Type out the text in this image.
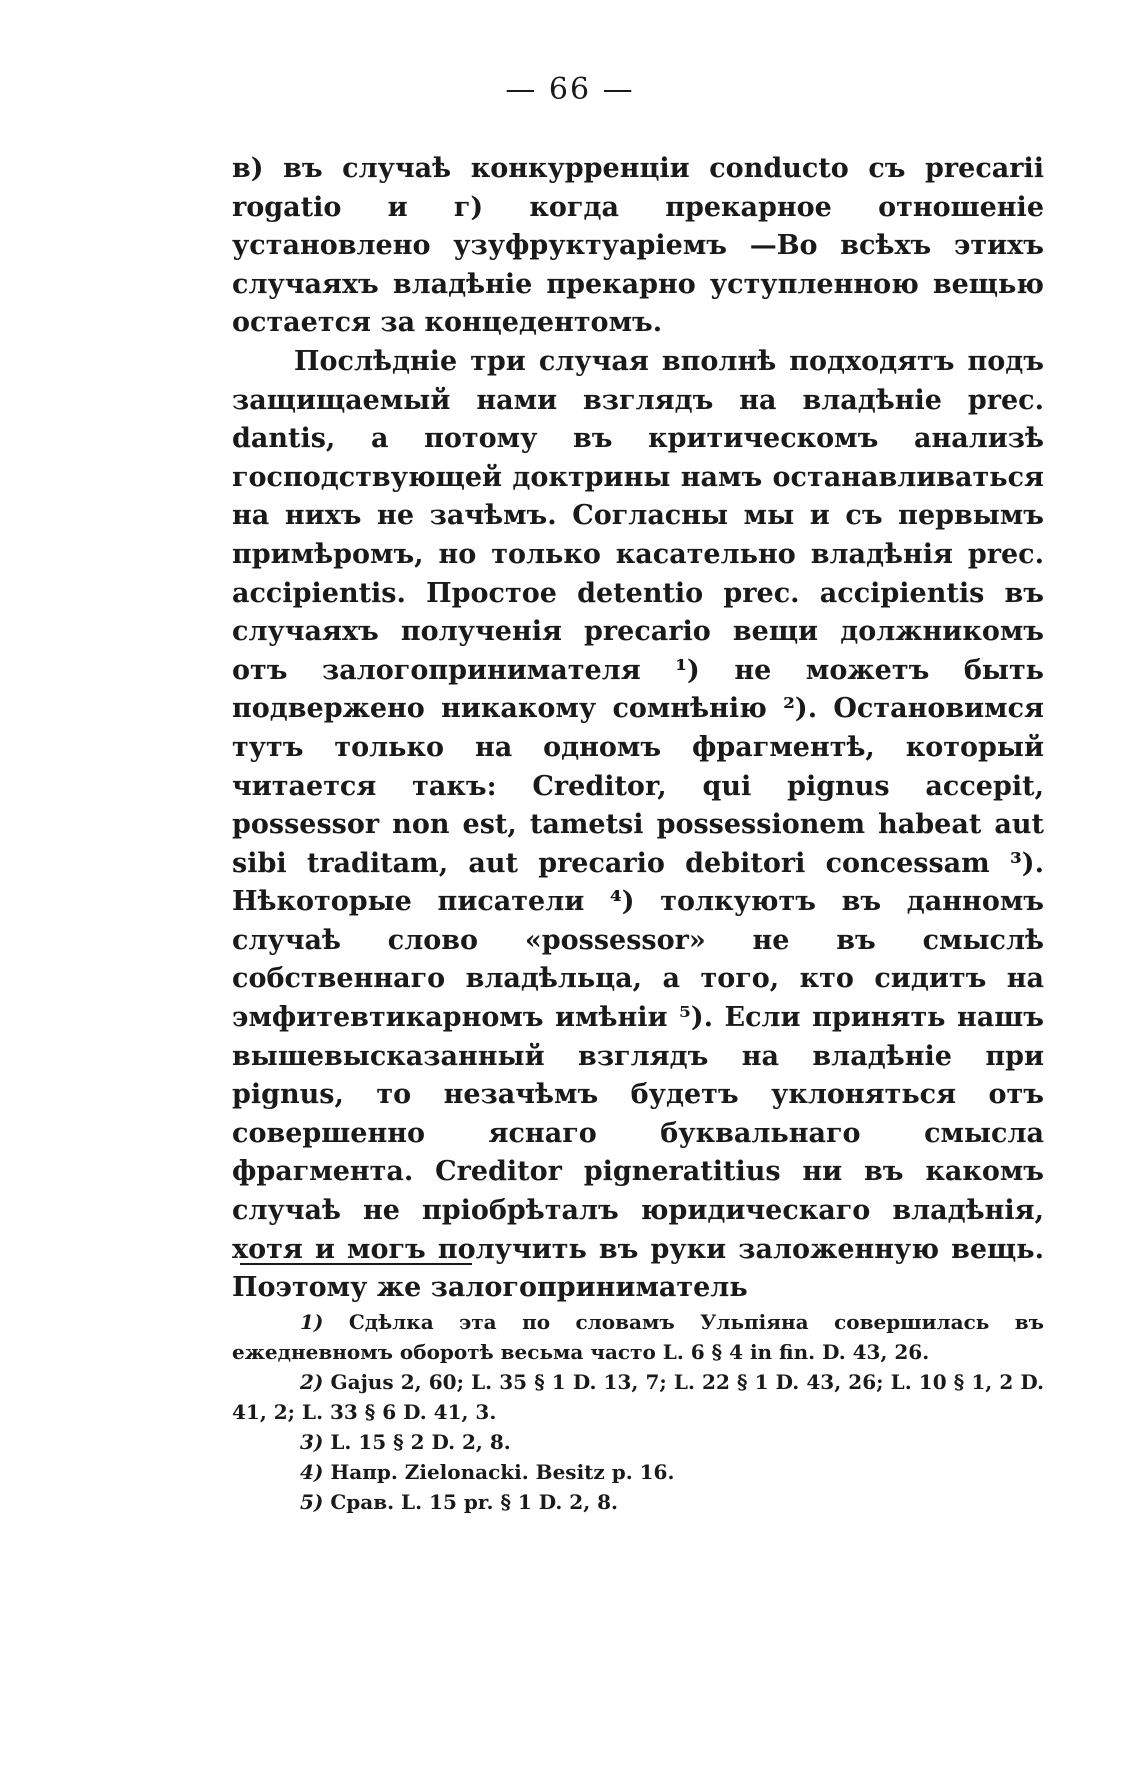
— 66 —

в) въ случаѣ конкурренціи conducto съ precarii rogatio и г) когда прекарное отношеніе установлено узуфруктуаріемъ —Во всѣхъ этихъ случаяхъ владѣніе прекарно уступленною вещью остается за концедентомъ.

Послѣдніе три случая вполнѣ подходятъ подъ защищаемый нами взглядъ на владѣніе prec. dantis, а потому въ критическомъ анализѣ господствующей доктрины намъ останавливаться на нихъ не зачѣмъ. Согласны мы и съ первымъ примѣромъ, но только касательно владѣнія prec. accipientis. Простое detentio prec. accipientis въ случаяхъ полученія precario вещи должникомъ отъ залогопринимателя ¹) не можетъ быть подвержено никакому сомнѣнію ²). Остановимся тутъ только на одномъ фрагментѣ, который читается такъ: Creditor, qui pignus accepit, possessor non est, tametsi possessionem habeat aut sibi traditam, aut precario debitori concessam ³). Нѣкоторые писатели ⁴) толкуютъ въ данномъ случаѣ слово «possessor» не въ смыслѣ собственнаго владѣльца, а того, кто сидитъ на эмфитевтикарномъ имѣніи ⁵). Если принять нашъ вышевысказанный взглядъ на владѣніе при pignus, то незачѣмъ будетъ уклоняться отъ совершенно яснаго буквальнаго смысла фрагмента. Creditor pigneratitius ни въ какомъ случаѣ не пріобрѣталъ юридическаго владѣнія, хотя и могъ получить въ руки заложенную вещь. Поэтому же залогоприниматель

1) Сдѣлка эта по словамъ Ульпіяна совершилась въ ежедневномъ оборотѣ весьма часто L. 6 § 4 in fin. D. 43, 26.

2) Gajus 2, 60; L. 35 § 1 D. 13, 7; L. 22 § 1 D. 43, 26; L. 10 § 1, 2 D. 41, 2; L. 33 § 6 D. 41, 3.

3) L. 15 § 2 D. 2, 8.

4) Напр. Zielonacki. Besitz p. 16.

5) Срав. L. 15 pr. § 1 D. 2, 8.
